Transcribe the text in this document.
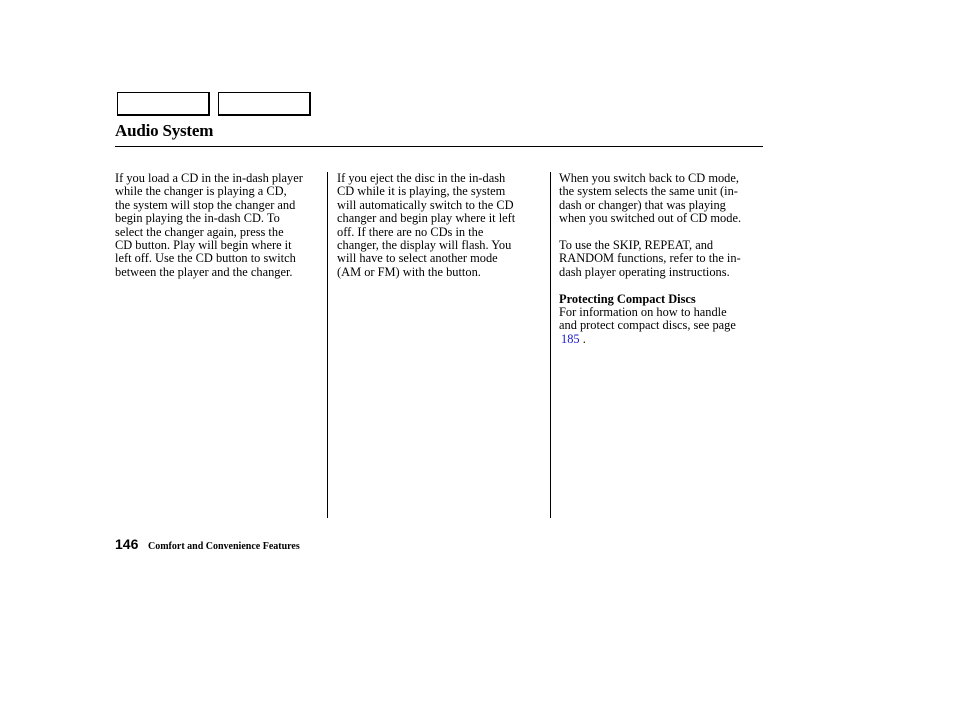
Audio System

If you load a CD in the in-dash player
while the changer is playing a CD,
the system will stop the changer and
begin playing the in-dash CD. To
select the changer again, press the
CD button. Play will begin where it
left off. Use the CD button to switch
between the player and the changer.

If you eject the disc in the in-dash
CD while it is playing, the system
will automatically switch to the CD
changer and begin play where it left
off. If there are no CDs in the
changer, the display will flash. You
will have to select another mode
(AM or FM) with the button.

When you switch back to CD mode,
the system selects the same unit (in-
dash or changer) that was playing
when you switched out of CD mode.

To use the SKIP, REPEAT, and
RANDOM functions, refer to the in-
dash player operating instructions.

Protecting Compact Discs
For information on how to handle
and protect compact discs, see page
185 .

146 Comfort and Convenience Features
